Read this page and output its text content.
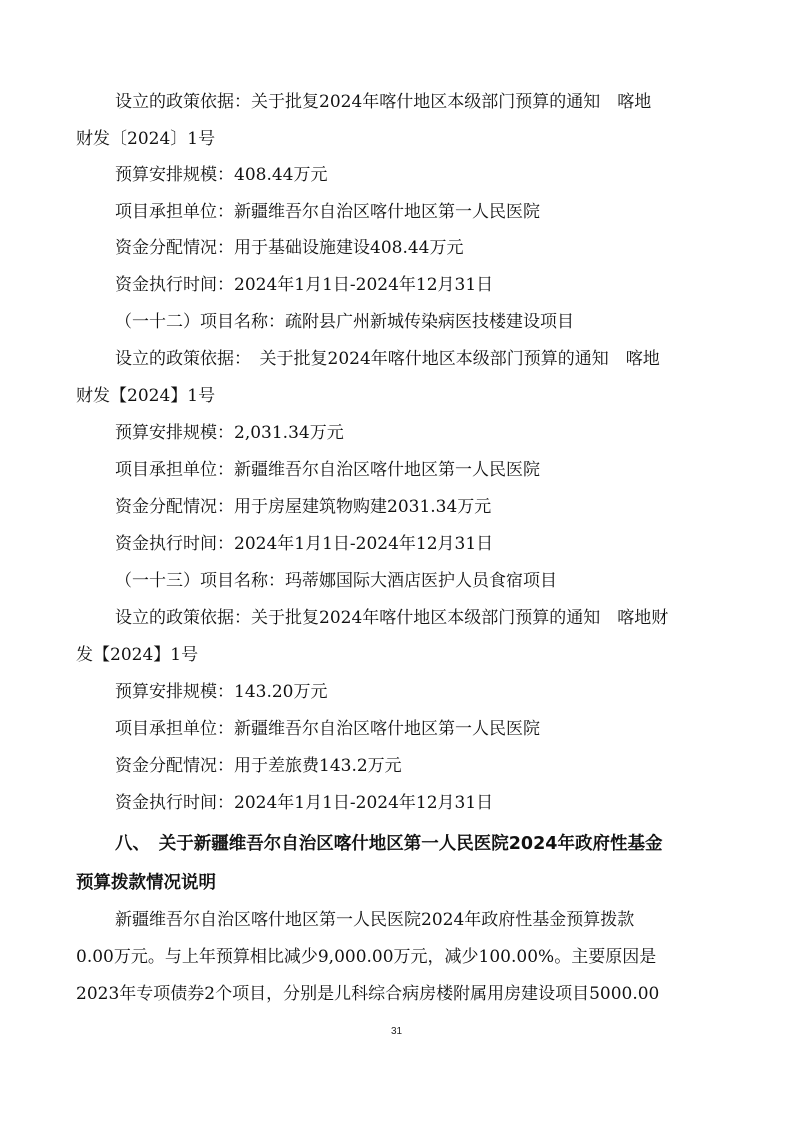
设立的政策依据：关于批复2024年喀什地区本级部门预算的通知　喀地
财发〔2024〕1号
预算安排规模：408.44万元
项目承担单位：新疆维吾尔自治区喀什地区第一人民医院
资金分配情况：用于基础设施建设408.44万元
资金执行时间：2024年1月1日-2024年12月31日
（一十二）项目名称：疏附县广州新城传染病医技楼建设项目
设立的政策依据：　关于批复2024年喀什地区本级部门预算的通知　喀地
财发【2024】1号
预算安排规模：2,031.34万元
项目承担单位：新疆维吾尔自治区喀什地区第一人民医院
资金分配情况：用于房屋建筑物购建2031.34万元
资金执行时间：2024年1月1日-2024年12月31日
（一十三）项目名称：玛蒂娜国际大酒店医护人员食宿项目
设立的政策依据：关于批复2024年喀什地区本级部门预算的通知　喀地财
发【2024】1号
预算安排规模：143.20万元
项目承担单位：新疆维吾尔自治区喀什地区第一人民医院
资金分配情况：用于差旅费143.2万元
资金执行时间：2024年1月1日-2024年12月31日
八、　关于新疆维吾尔自治区喀什地区第一人民医院2024年政府性基金
预算拨款情况说明
新疆维吾尔自治区喀什地区第一人民医院2024年政府性基金预算拨款
0.00万元。与上年预算相比减少9,000.00万元，减少100.00%。主要原因是
2023年专项债券2个项目，分别是儿科综合病房楼附属用房建设项目5000.00
31
